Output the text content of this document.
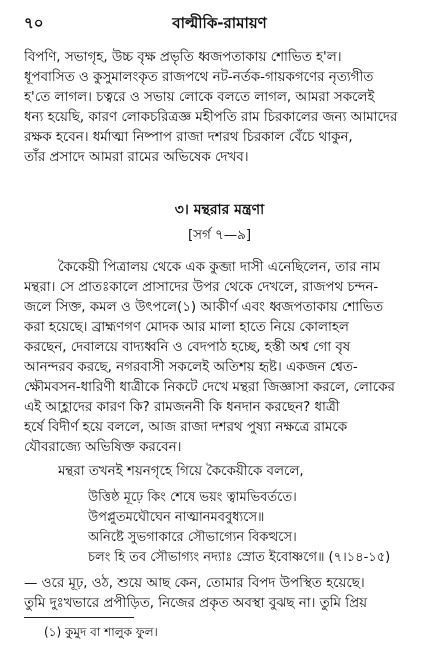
৭০	বাল্মীকি-রামায়ণ
বিপণি, সভাগৃহ, উচ্চ বৃক্ষ প্রভৃতি ধ্বজপতাকায় শোভিত হ'ল।
ধূপবাসিত ও কুসুমালংকৃত রাজপথে নট-নর্তক-গায়কগণের নৃত্যগীত
হ'তে লাগল। চত্বরে ও সভায় লোকে বলতে লাগল, আমরা সকলেই
ধন্য হয়েছি, কারণ লোকচরিত্রজ্ঞ মহীপতি রাম চিরকালের জন্য আমাদের
রক্ষক হবেন। ধর্মাত্মা নিষ্পাপ রাজা দশরথ চিরকাল বেঁচে থাকুন,
তাঁর প্রসাদে আমরা রামের অভিষেক দেখব।
৩। মন্থরার মন্ত্রণা
[সর্গ ৭—৯]
কৈকেয়ী পিত্রালয় থেকে এক কুব্জা দাসী এনেছিলেন, তার নাম
মন্থরা। সে প্রাতঃকালে প্রাসাদের উপর থেকে দেখলে, রাজপথ চন্দন-
জলে সিক্ত, কমল ও উৎপলে(১) আকীর্ণ এবং ধ্বজপতাকায় শোভিত
করা হয়েছে। ব্রাহ্মণগণ মোদক আর মালা হাতে নিয়ে কোলাহল
করছেন, দেবালয়ে বাদ্যধ্বনি ও বেদপাঠ হচ্ছে, হস্তী অশ্ব গো বৃষ
আনন্দরব করছে, নগরবাসী সকলেই অতিশয় হৃষ্ট। একজন শ্বেত-
ক্ষৌমবসন-ধারিণী ধাত্রীকে নিকটে দেখে মন্থরা জিজ্ঞাসা করলে, লোকের
এই আহ্লাদের কারণ কি? রামজননী কি ধনদান করছেন? ধাত্রী
হর্ষে বিদীর্ণ হয়ে বললে, আজ রাজা দশরথ পুষ্যা নক্ষত্রে রামকে
যৌবরাজ্যে অভিষিক্ত করবেন।
মন্থরা তখনই শয়নগৃহে গিয়ে কৈকেয়ীকে বললে,
উত্তিষ্ঠ মূঢ়ে কিং শেষে ভয়ং ত্বামভিবর্ততে।
উপপ্লুতমঘৌঘেন নাত্মানমববুধ্যসে॥
অনিষ্টে সুভগাকারে সৌভাগ্যেন বিকত্থসে।
চলং হি তব সৌভাগ্যং নদ্যাঃ স্রোত ইবোষ্ণগে॥ (৭।১৪-১৫)
— ওরে মূঢ়, ওঠ, শুয়ে আছ কেন, তোমার বিপদ উপস্থিত হয়েছে।
তুমি দুঃখভারে প্রপীড়িত, নিজের প্রকৃত অবস্থা বুঝছ না। তুমি প্রিয়
(১) কুমুদ বা শালুক ফুল।
